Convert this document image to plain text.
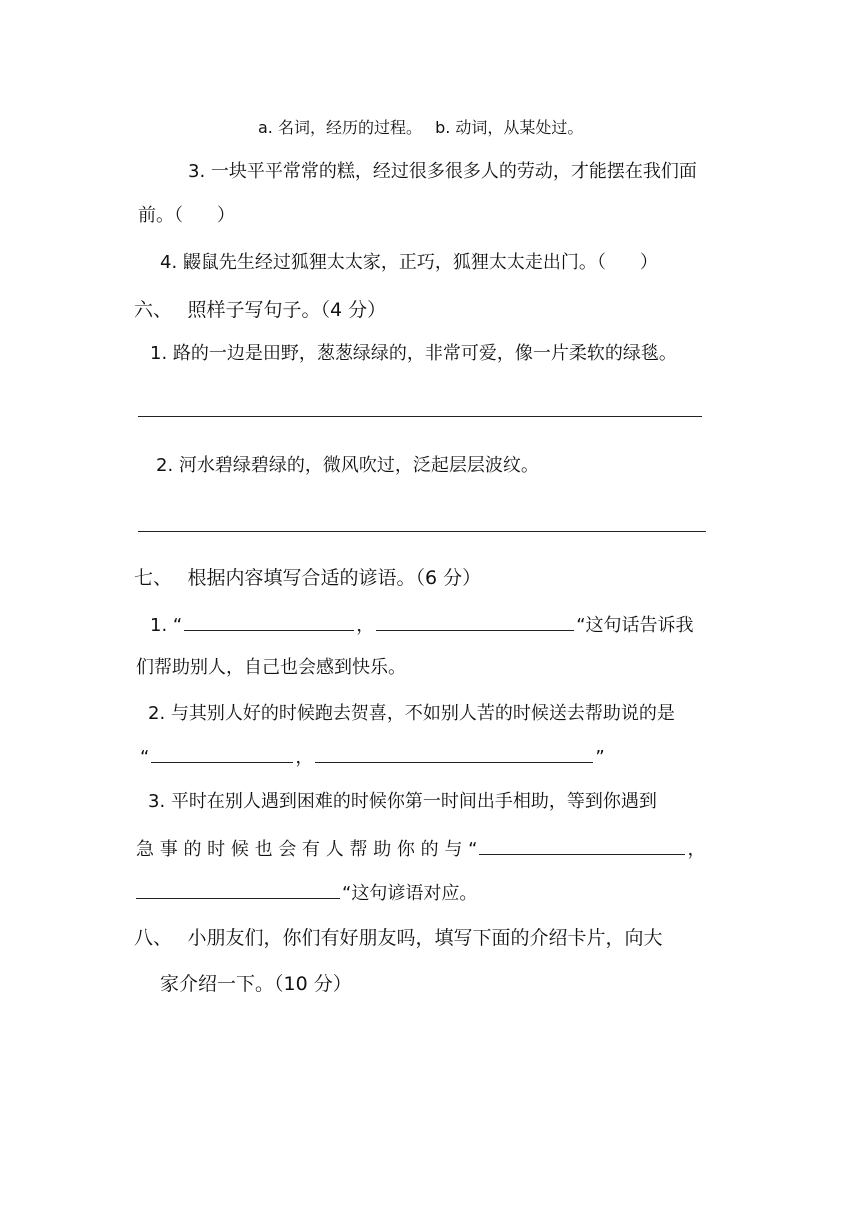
a. 名词，经历的过程。　 b. 动词，从某处过。
3. 一块平平常常的糕，经过很多很多人的劳动，才能摆在我们面
前。（ ）
4. 鼹鼠先生经过狐狸太太家，正巧，狐狸太太走出门。（ ）
六、　 照样子写句子。（4 分）
1. 路的一边是田野，葱葱绿绿的，非常可爱，像一片柔软的绿毯。
2. 河水碧绿碧绿的，微风吹过，泛起层层波纹。
七、　 根据内容填写合适的谚语。（6 分）
1. “	，	“这句话告诉我
们帮助别人，自己也会感到快乐。
2. 与其别人好的时候跑去贺喜，不如别人苦的时候送去帮助说的是
“	，	”
3. 平时在别人遇到困难的时候你第一时间出手相助，等到你遇到
急 事 的 时 候 也 会 有 人 帮 助 你 的 与 “	，
“这句谚语对应。
八、　 小朋友们，你们有好朋友吗，填写下面的介绍卡片，向大
家介绍一下。（10 分）
